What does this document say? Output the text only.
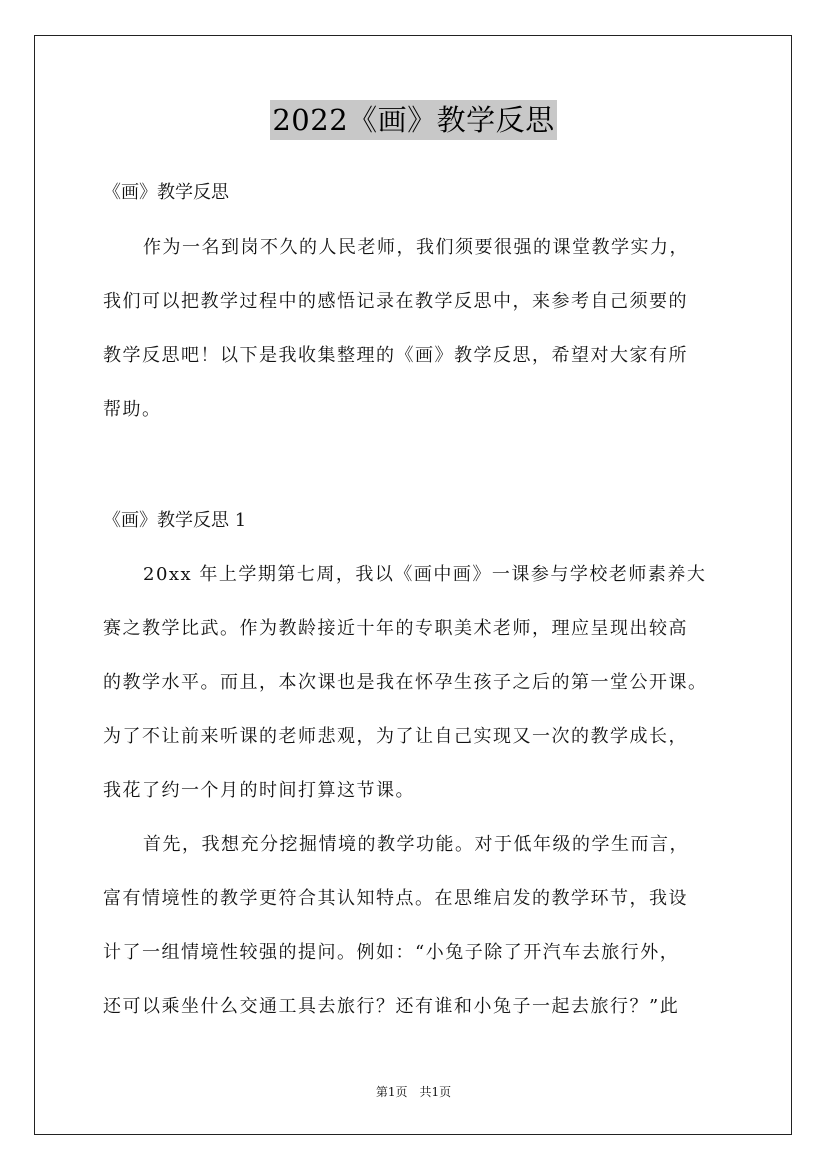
2022《画》教学反思
《画》教学反思
作为一名到岗不久的人民老师，我们须要很强的课堂教学实力，
我们可以把教学过程中的感悟记录在教学反思中，来参考自己须要的
教学反思吧！以下是我收集整理的《画》教学反思，希望对大家有所
帮助。
《画》教学反思 1
20xx 年上学期第七周，我以《画中画》一课参与学校老师素养大
赛之教学比武。作为教龄接近十年的专职美术老师，理应呈现出较高
的教学水平。而且，本次课也是我在怀孕生孩子之后的第一堂公开课。
为了不让前来听课的老师悲观，为了让自己实现又一次的教学成长，
我花了约一个月的时间打算这节课。
首先，我想充分挖掘情境的教学功能。对于低年级的学生而言，
富有情境性的教学更符合其认知特点。在思维启发的教学环节，我设
计了一组情境性较强的提问。例如：“小兔子除了开汽车去旅行外，
还可以乘坐什么交通工具去旅行？还有谁和小兔子一起去旅行？”此
第1页　共1页
